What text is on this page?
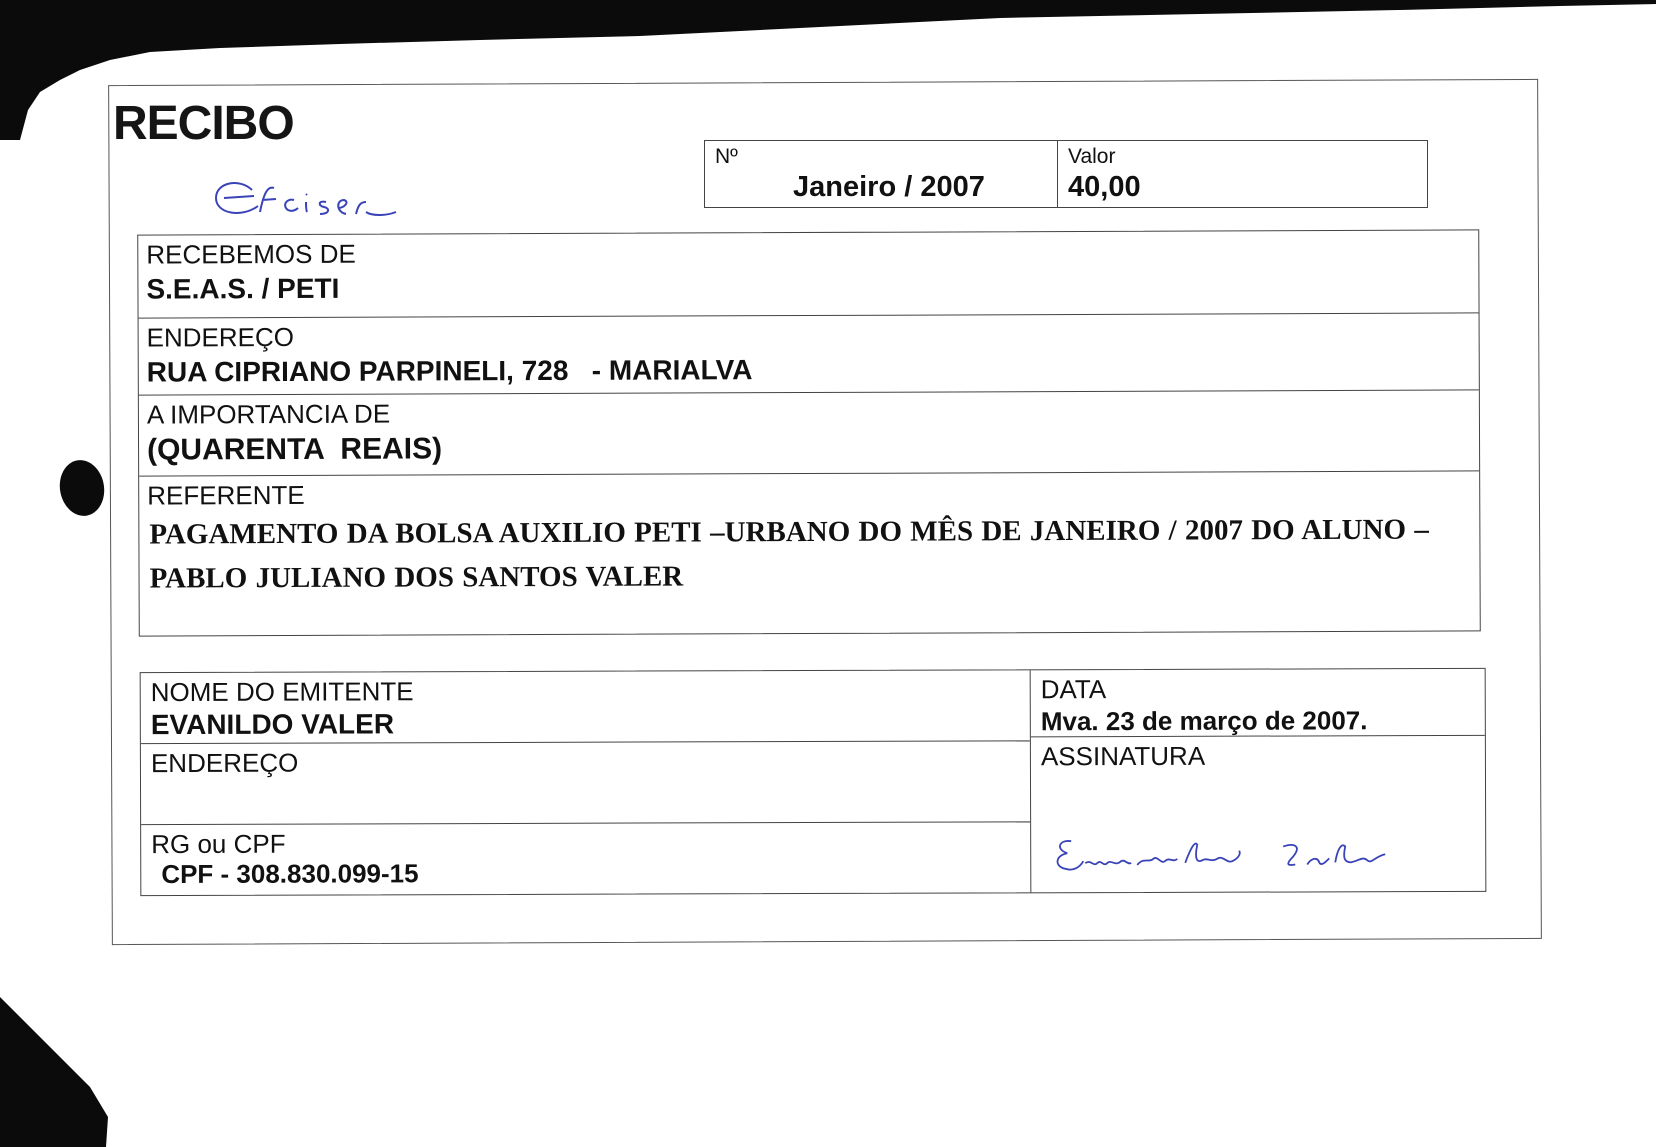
RECIBO
Nº
Janeiro / 2007
Valor
40,00
RECEBEMOS DE
S.E.A.S. / PETI
ENDEREÇO
RUA CIPRIANO PARPINELI, 728   - MARIALVA
A IMPORTANCIA DE
(QUARENTA  REAIS)
REFERENTE
PAGAMENTO DA BOLSA AUXILIO PETI –URBANO DO MÊS DE JANEIRO / 2007 DO ALUNO – PABLO JULIANO DOS SANTOS VALER
NOME DO EMITENTE
EVANILDO VALER
ENDEREÇO
RG ou CPF
CPF - 308.830.099-15
DATA
Mva. 23 de março de 2007.
ASSINATURA
